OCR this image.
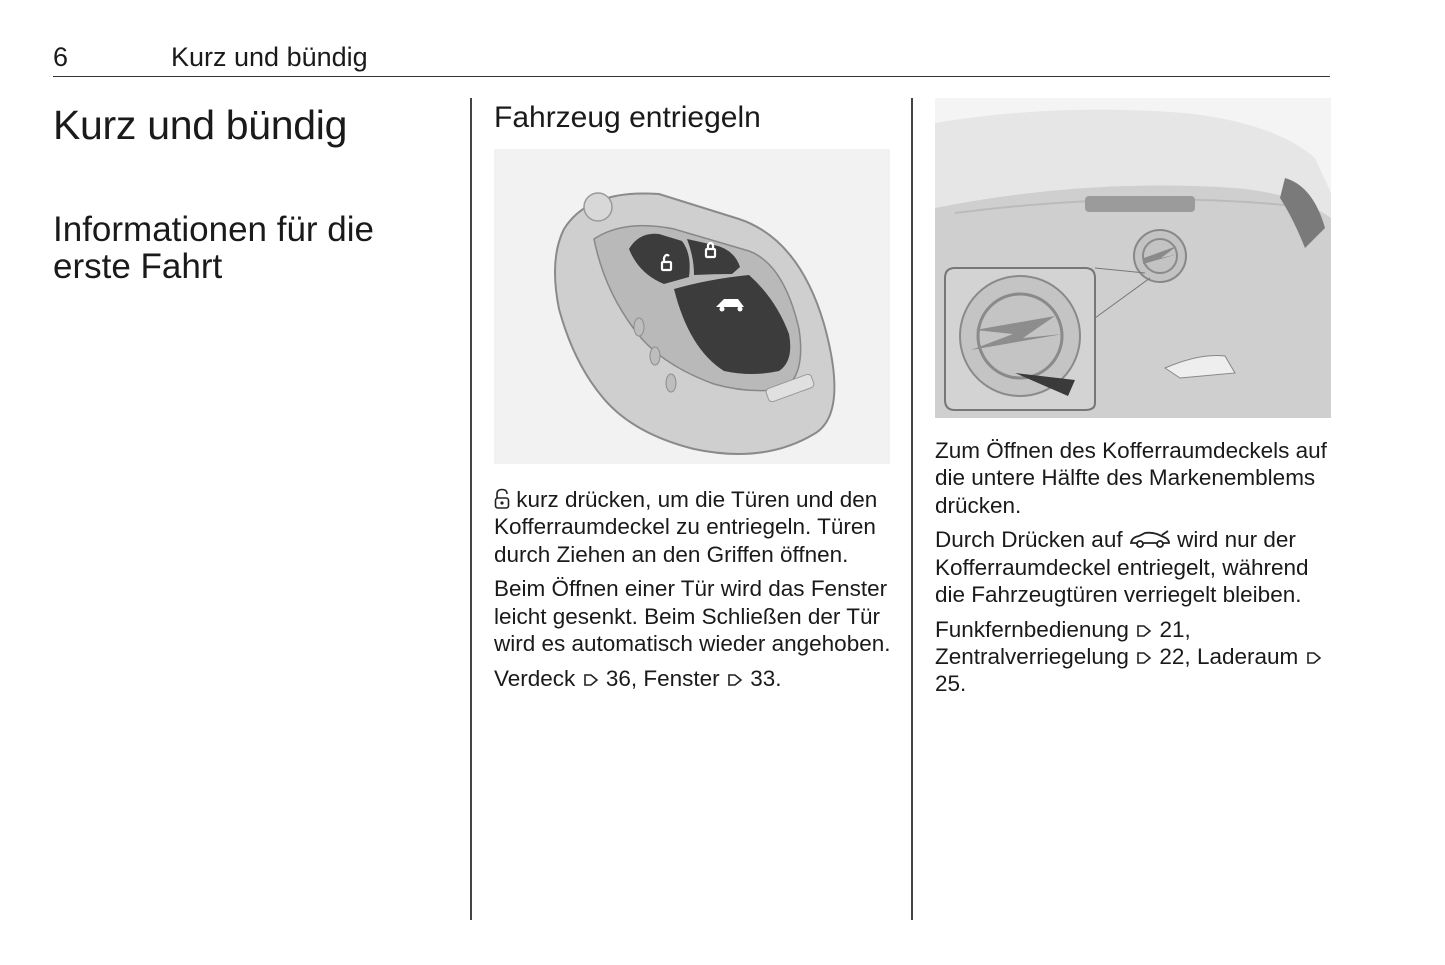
6	Kurz und bündig
Kurz und bündig
Informationen für die
erste Fahrt
Fahrzeug entriegeln

kurz drücken, um die Türen und den Kofferraumdeckel zu entriegeln. Türen durch Ziehen an den Griffen öffnen.

Beim Öffnen einer Tür wird das Fenster leicht gesenkt. Beim Schließen der Tür wird es automatisch wieder angehoben.

Verdeck 36, Fenster 33.

Zum Öffnen des Kofferraumdeckels auf die untere Hälfte des Markenemblems drücken.

Durch Drücken auf wird nur der Kofferraumdeckel entriegelt, während die Fahrzeugtüren verriegelt bleiben.

Funkfernbedienung 21, Zentralverriegelung 22, Laderaum  25.
